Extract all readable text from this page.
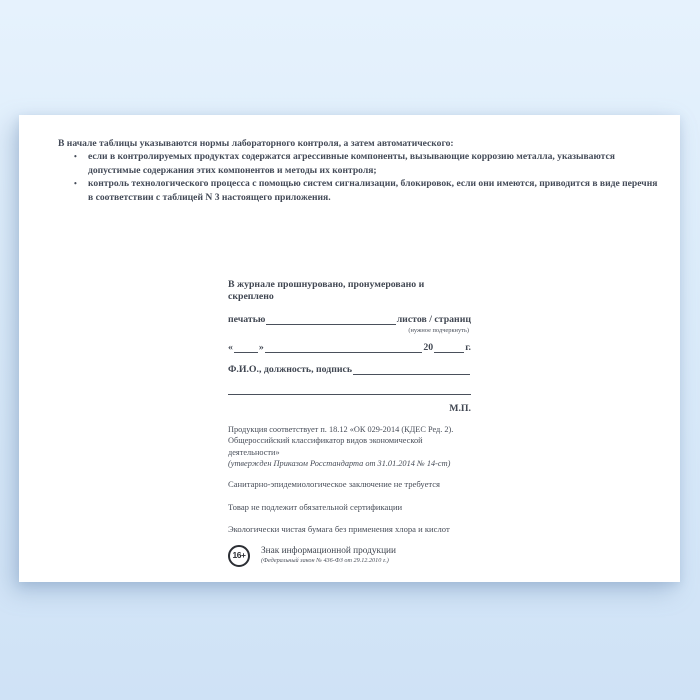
В начале таблицы указываются нормы лабораторного контроля, а затем автоматического:
•	если в контролируемых продуктах содержатся агрессивные компоненты, вызывающие коррозию металла, указываются допустимые содержания этих компонентов и методы их контроля;
•	контроль технологического процесса с помощью систем сигнализации, блокировок, если они имеются, приводится в виде перечня в соответствии с таблицей N 3 настоящего приложения.
В журнале прошнуровано, пронумеровано и скреплено
печатью	листов / страниц
(нужное подчеркнуть)
«	»	20	г.
Ф.И.О., должность, подпись
М.П.
Продукция соответствует п. 18.12 «ОК 029-2014 (КДЕС Ред. 2).
Общероссийский классификатор видов экономической деятельности»
(утвержден Приказом Росстандарта от 31.01.2014 № 14-ст)
Санитарно-эпидемиологическое заключение не требуется
Товар не подлежит обязательной сертификации
Экологически чистая бумага без применения хлора и кислот
16+	Знак информационной продукции
(Федеральный закон № 436-ФЗ от 29.12.2010 г.)
